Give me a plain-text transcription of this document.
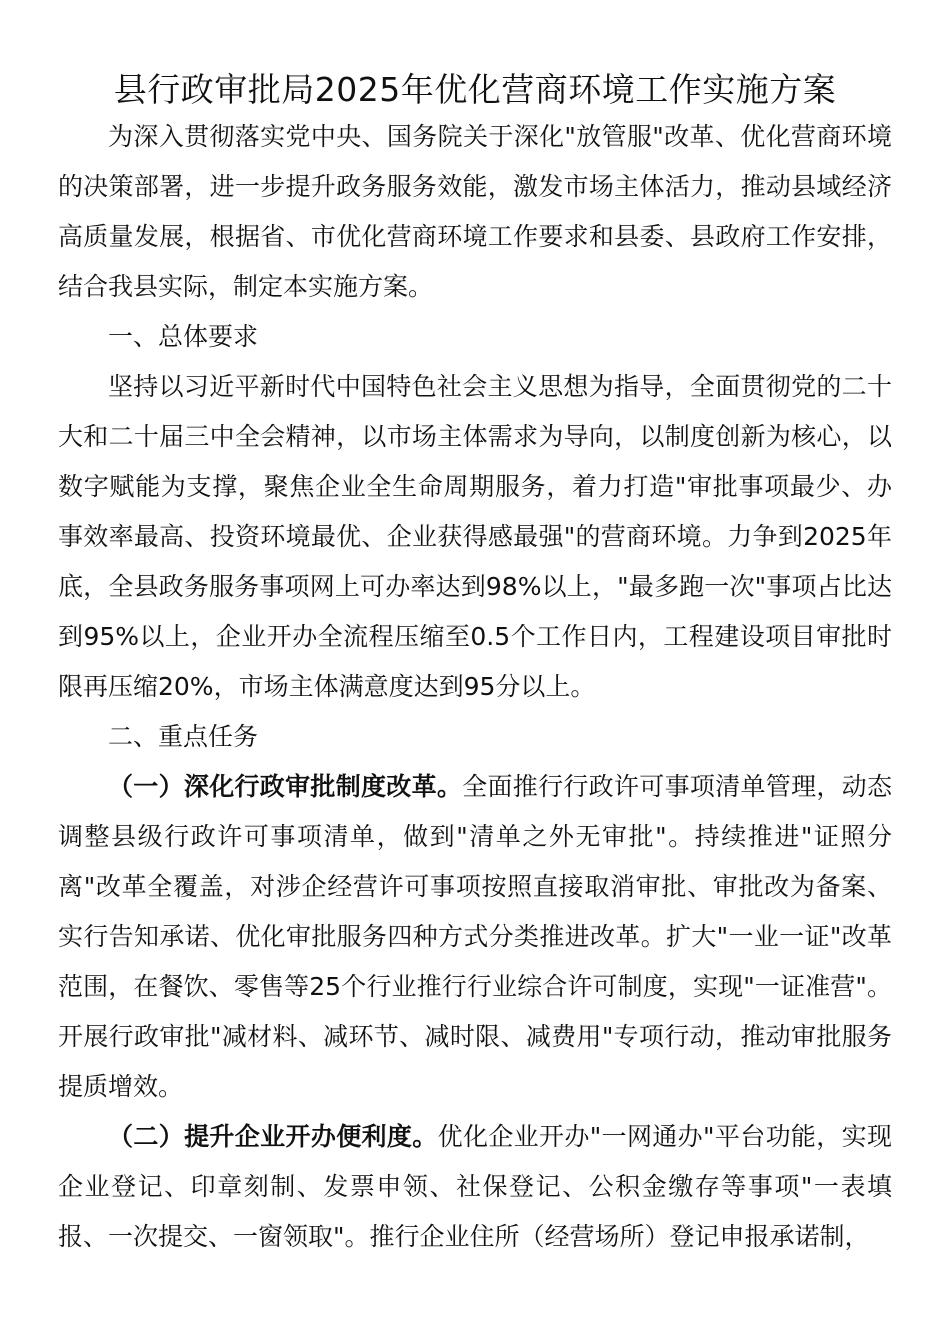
县行政审批局2025年优化营商环境工作实施方案

为深入贯彻落实党中央、国务院关于深化"放管服"改革、优化营商环境的决策部署，进一步提升政务服务效能，激发市场主体活力，推动县域经济高质量发展，根据省、市优化营商环境工作要求和县委、县政府工作安排，结合我县实际，制定本实施方案。

一、总体要求

坚持以习近平新时代中国特色社会主义思想为指导，全面贯彻党的二十大和二十届三中全会精神，以市场主体需求为导向，以制度创新为核心，以数字赋能为支撑，聚焦企业全生命周期服务，着力打造"审批事项最少、办事效率最高、投资环境最优、企业获得感最强"的营商环境。力争到2025年底，全县政务服务事项网上可办率达到98%以上，"最多跑一次"事项占比达到95%以上，企业开办全流程压缩至0.5个工作日内，工程建设项目审批时限再压缩20%，市场主体满意度达到95分以上。

二、重点任务

（一）深化行政审批制度改革。全面推行行政许可事项清单管理，动态调整县级行政许可事项清单，做到"清单之外无审批"。持续推进"证照分离"改革全覆盖，对涉企经营许可事项按照直接取消审批、审批改为备案、实行告知承诺、优化审批服务四种方式分类推进改革。扩大"一业一证"改革范围，在餐饮、零售等25个行业推行行业综合许可制度，实现"一证准营"。开展行政审批"减材料、减环节、减时限、减费用"专项行动，推动审批服务提质增效。

（二）提升企业开办便利度。优化企业开办"一网通办"平台功能，实现企业登记、印章刻制、发票申领、社保登记、公积金缴存等事项"一表填报、一次提交、一窗领取"。推行企业住所（经营场所）登记申报承诺制，
